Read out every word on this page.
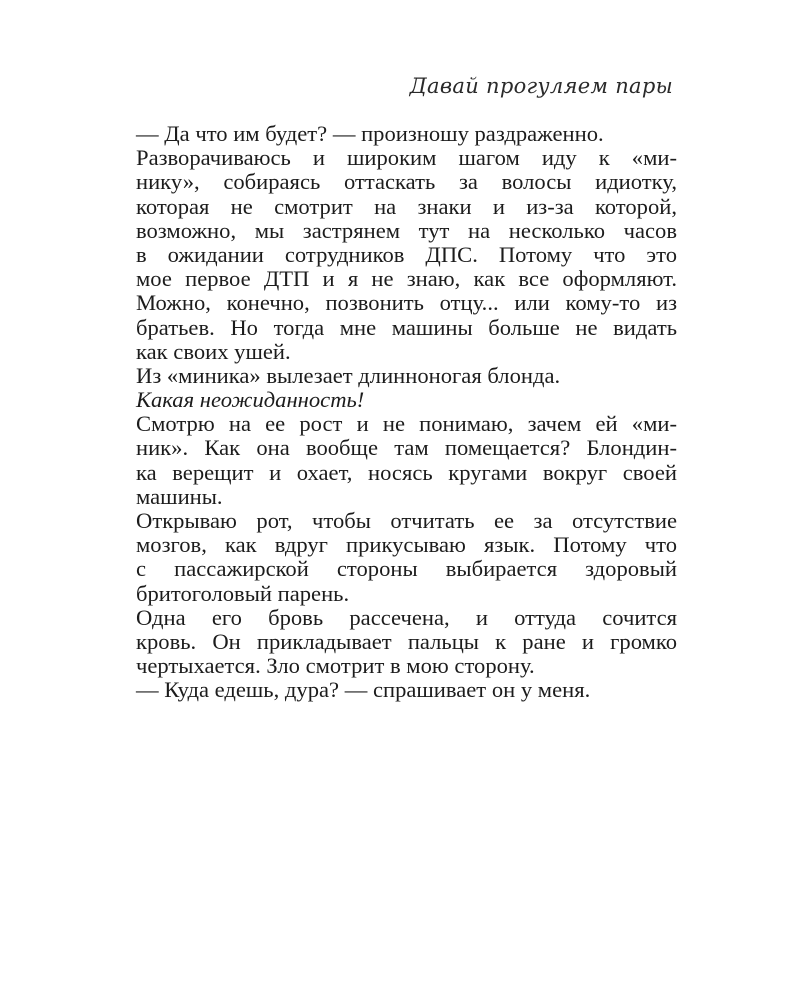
Давай прогуляем пары
— Да что им будет? — произношу раздраженно.
Разворачиваюсь и широким шагом иду к «ми-
нику», собираясь оттаскать за волосы идиотку,
которая не смотрит на знаки и из-за которой,
возможно, мы застрянем тут на несколько часов
в ожидании сотрудников ДПС. Потому что это
мое первое ДТП и я не знаю, как все оформляют.
Можно, конечно, позвонить отцу... или кому-то из
братьев. Но тогда мне машины больше не видать
как своих ушей.
Из «миника» вылезает длинноногая блонда.
Какая неожиданность!
Смотрю на ее рост и не понимаю, зачем ей «ми-
ник». Как она вообще там помещается? Блондин-
ка верещит и охает, носясь кругами вокруг своей
машины.
Открываю рот, чтобы отчитать ее за отсутствие
мозгов, как вдруг прикусываю язык. Потому что
с пассажирской стороны выбирается здоровый
бритоголовый парень.
Одна его бровь рассечена, и оттуда сочится
кровь. Он прикладывает пальцы к ране и громко
чертыхается. Зло смотрит в мою сторону.
— Куда едешь, дура? — спрашивает он у меня.
